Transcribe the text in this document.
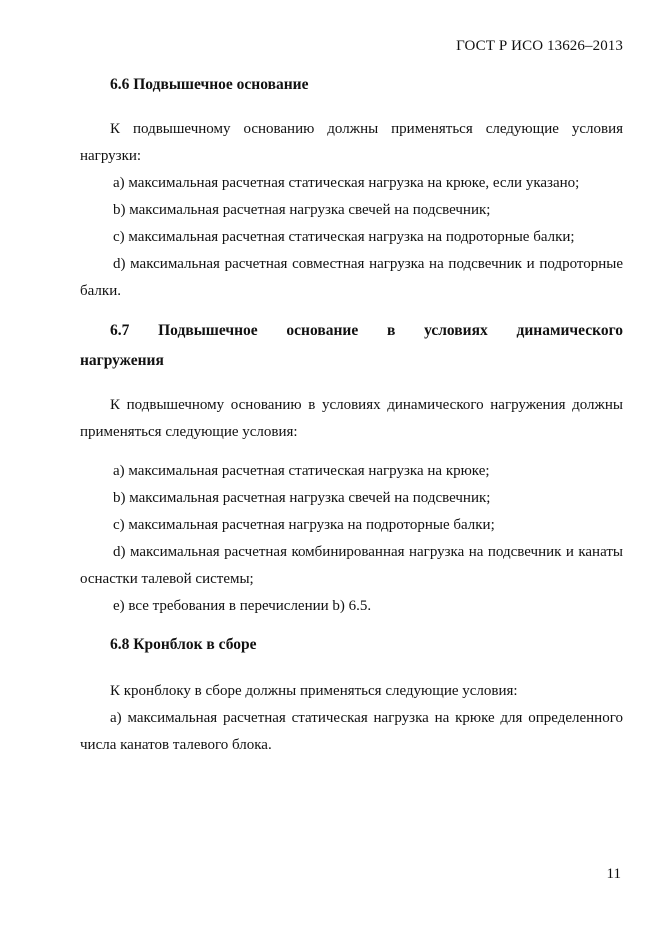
ГОСТ Р ИСО 13626–2013
6.6 Подвышечное основание
К подвышечному основанию должны применяться следующие условия нагрузки:
а) максимальная расчетная статическая нагрузка на крюке, если указано;
b) максимальная расчетная нагрузка свечей на подсвечник;
c) максимальная расчетная статическая нагрузка на подроторные балки;
d) максимальная расчетная совместная нагрузка на подсвечник и подроторные балки.
6.7 Подвышечное основание в условиях динамического
нагружения
К подвышечному основанию в условиях динамического нагружения должны применяться следующие условия:
а) максимальная расчетная статическая нагрузка на крюке;
b) максимальная расчетная нагрузка свечей на подсвечник;
c) максимальная расчетная нагрузка на подроторные балки;
d) максимальная расчетная комбинированная нагрузка на подсвечник и канаты оснастки талевой системы;
е) все требования в перечислении b) 6.5.
6.8 Кронблок в сборе
К кронблоку в сборе должны применяться следующие условия:
а) максимальная расчетная статическая нагрузка на крюке для определенного числа канатов талевого блока.
11
